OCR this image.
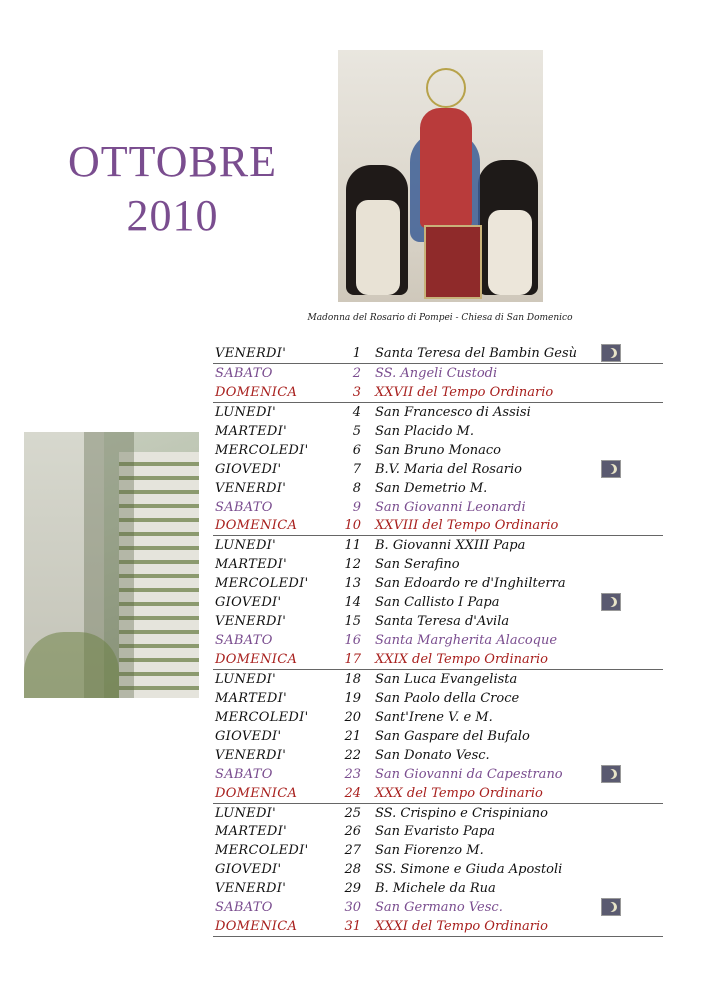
OTTOBRE
2010
Madonna del Rosario di Pompei - Chiesa di San Domenico
VENERDI'	1 Santa Teresa del Bambin Gesù
SABATO	2 SS. Angeli Custodi
DOMENICA	3 XXVII del Tempo Ordinario
LUNEDI'	4 San Francesco di Assisi
MARTEDI'	5 San Placido M.
MERCOLEDI'	6 San Bruno Monaco
GIOVEDI'	7 B.V. Maria del Rosario
VENERDI'	8 San Demetrio M.
SABATO	9 San Giovanni Leonardi
DOMENICA	10 XXVIII del Tempo Ordinario
LUNEDI'	11 B. Giovanni XXIII Papa
MARTEDI'	12 San Serafino
MERCOLEDI'	13 San Edoardo re d'Inghilterra
GIOVEDI'	14 San Callisto I Papa
VENERDI'	15 Santa Teresa d'Avila
SABATO	16 Santa Margherita Alacoque
DOMENICA	17 XXIX del Tempo Ordinario
LUNEDI'	18 San Luca Evangelista
MARTEDI'	19 San Paolo della Croce
MERCOLEDI'	20 Sant'Irene V. e M.
GIOVEDI'	21 San Gaspare del Bufalo
VENERDI'	22 San Donato Vesc.
SABATO	23 San Giovanni da Capestrano
DOMENICA	24 XXX del Tempo Ordinario
LUNEDI'	25 SS. Crispino e Crispiniano
MARTEDI'	26 San Evaristo Papa
MERCOLEDI'	27 San Fiorenzo M.
GIOVEDI'	28 SS. Simone e Giuda Apostoli
VENERDI'	29 B. Michele da Rua
SABATO	30 San Germano Vesc.
DOMENICA	31 XXXI del Tempo Ordinario
